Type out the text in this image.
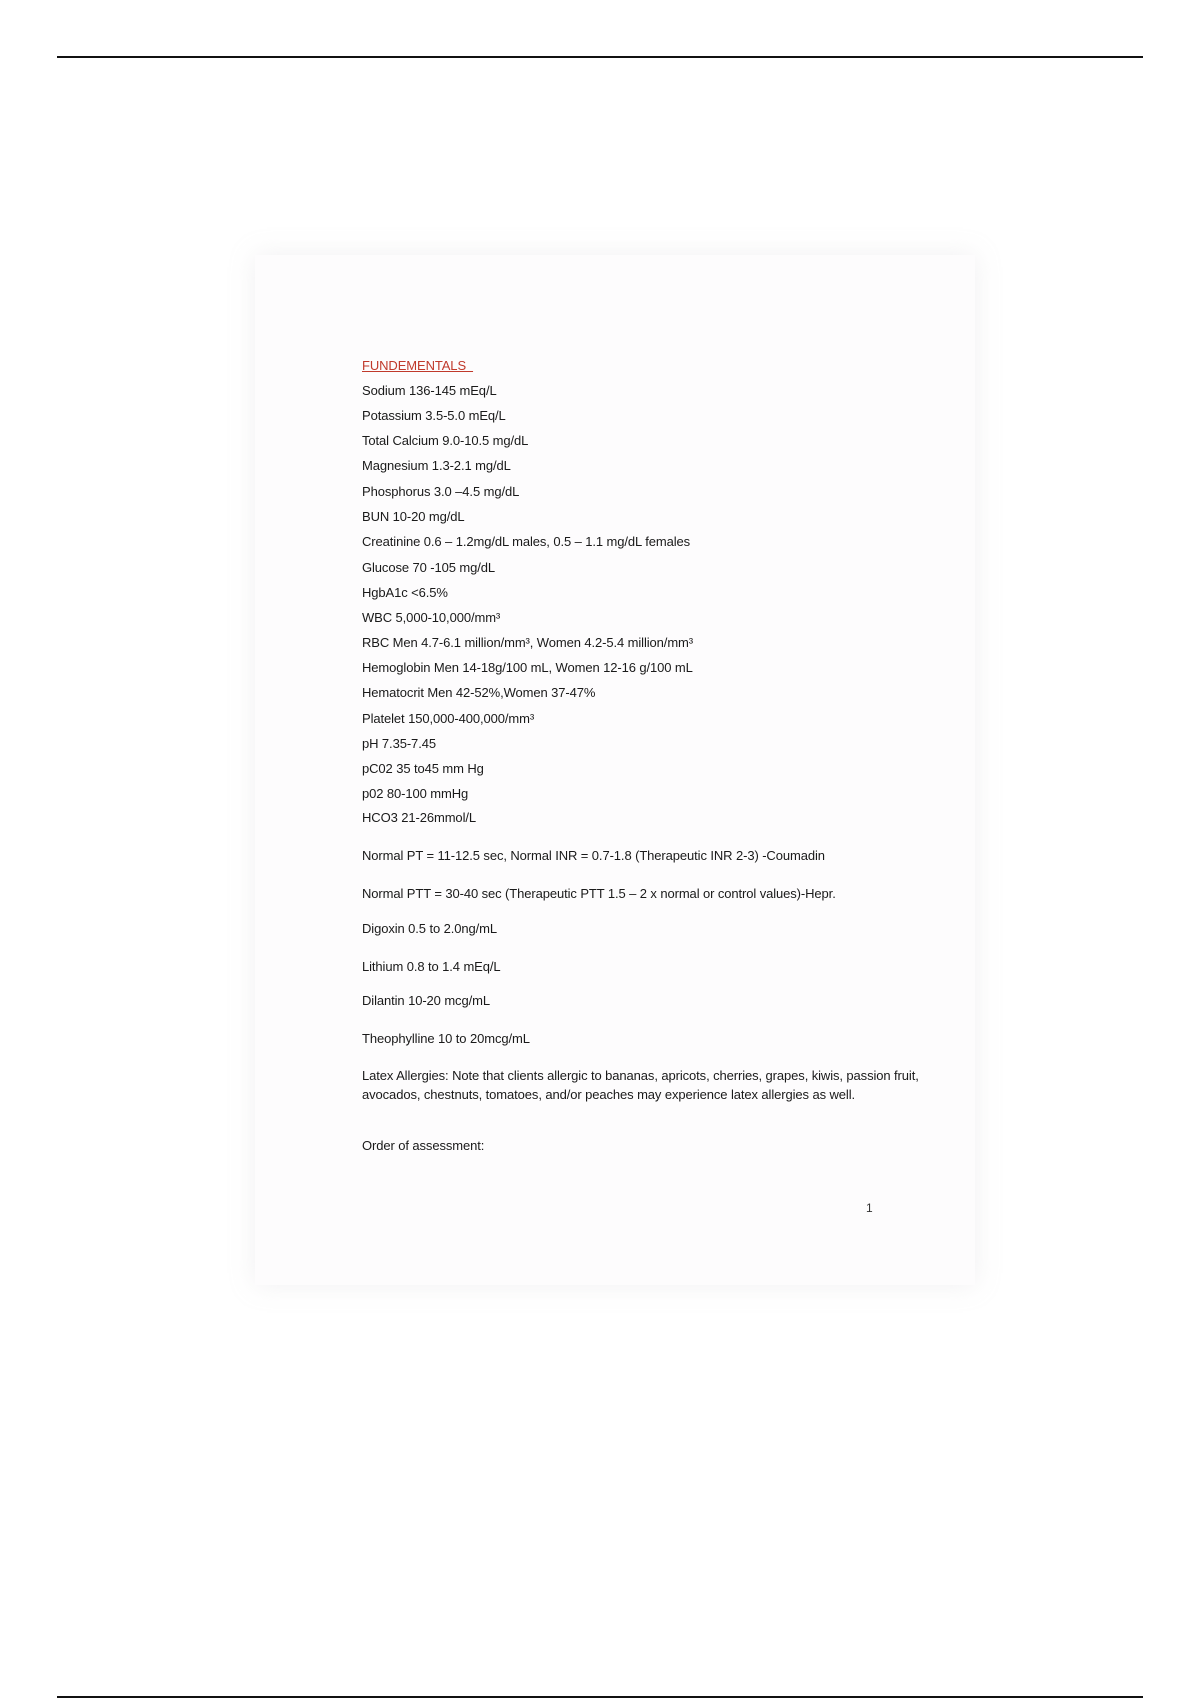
FUNDEMENTALS
Sodium 136-145 mEq/L
Potassium 3.5-5.0 mEq/L
Total Calcium 9.0-10.5 mg/dL
Magnesium 1.3-2.1 mg/dL
Phosphorus 3.0 –4.5 mg/dL
BUN 10-20 mg/dL
Creatinine 0.6 – 1.2mg/dL males, 0.5 – 1.1 mg/dL females
Glucose 70 -105 mg/dL
HgbA1c <6.5%
WBC 5,000-10,000/mm³
RBC Men 4.7-6.1 million/mm³, Women 4.2-5.4 million/mm³
Hemoglobin Men 14-18g/100 mL, Women 12-16 g/100 mL
Hematocrit Men 42-52%,Women 37-47%
Platelet 150,000-400,000/mm³
pH 7.35-7.45
pC02 35 to45 mm Hg
p02 80-100 mmHg
HCO3 21-26mmol/L
Normal PT = 11-12.5 sec, Normal INR = 0.7-1.8 (Therapeutic INR 2-3) -Coumadin
Normal PTT = 30-40 sec (Therapeutic PTT 1.5 – 2 x normal or control values)-Hepr.
Digoxin 0.5 to 2.0ng/mL
Lithium 0.8 to 1.4 mEq/L
Dilantin 10-20 mcg/mL
Theophylline 10 to 20mcg/mL
Latex Allergies: Note that clients allergic to bananas, apricots, cherries, grapes, kiwis, passion fruit, avocados, chestnuts, tomatoes, and/or peaches may experience latex allergies as well.
Order of assessment:
1
